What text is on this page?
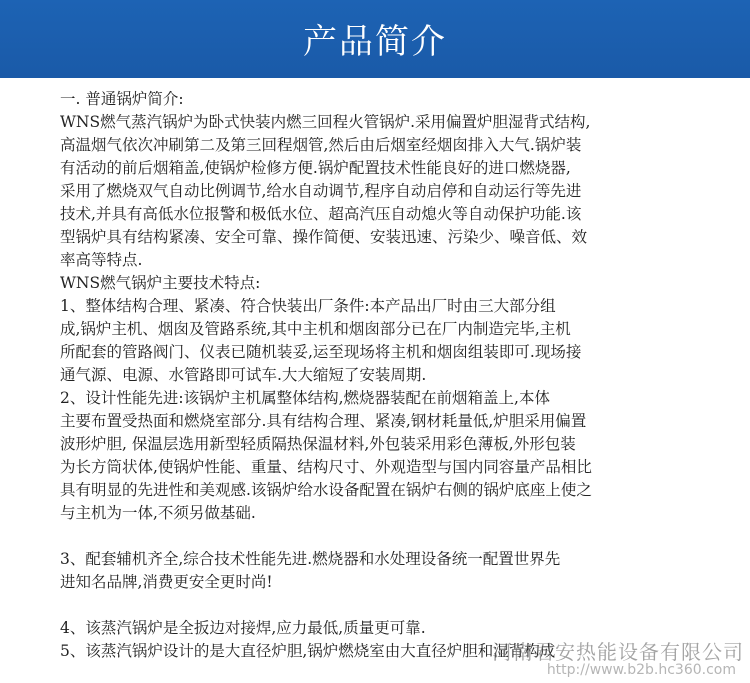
产品简介
一. 普通锅炉简介:
WNS燃气蒸汽锅炉为卧式快装内燃三回程火管锅炉.采用偏置炉胆湿背式结构,
高温烟气依次冲刷第二及第三回程烟管,然后由后烟室经烟囱排入大气.锅炉装
有活动的前后烟箱盖,使锅炉检修方便.锅炉配置技术性能良好的进口燃烧器,
采用了燃烧双气自动比例调节,给水自动调节,程序自动启停和自动运行等先进
技术,并具有高低水位报警和极低水位、超高汽压自动熄火等自动保护功能.该
型锅炉具有结构紧凑、安全可靠、操作简便、安装迅速、污染少、噪音低、效
率高等特点.
WNS燃气锅炉主要技术特点:
1、整体结构合理、紧凑、符合快装出厂条件:本产品出厂时由三大部分组
成,锅炉主机、烟囱及管路系统,其中主机和烟囱部分已在厂内制造完毕,主机
所配套的管路阀门、仪表已随机装妥,运至现场将主机和烟囱组装即可.现场接
通气源、电源、水管路即可试车.大大缩短了安装周期.
2、设计性能先进:该锅炉主机属整体结构,燃烧器装配在前烟箱盖上,本体
主要布置受热面和燃烧室部分.具有结构合理、紧凑,钢材耗量低,炉胆采用偏置
波形炉胆, 保温层选用新型轻质隔热保温材料,外包装采用彩色薄板,外形包装
为长方筒状体,使锅炉性能、重量、结构尺寸、外观造型与国内同容量产品相比
具有明显的先进性和美观感.该锅炉给水设备配置在锅炉右侧的锅炉底座上使之
与主机为一体,不须另做基础.
3、配套辅机齐全,综合技术性能先进.燃烧器和水处理设备统一配置世界先
进知名品牌,消费更安全更时尚!
4、该蒸汽锅炉是全扳边对接焊,应力最低,质量更可靠.
5、该蒸汽锅炉设计的是大直径炉胆,锅炉燃烧室由大直径炉胆和湿背构成
河南君安热能设备有限公司
http://www.b2b.hc360.com
